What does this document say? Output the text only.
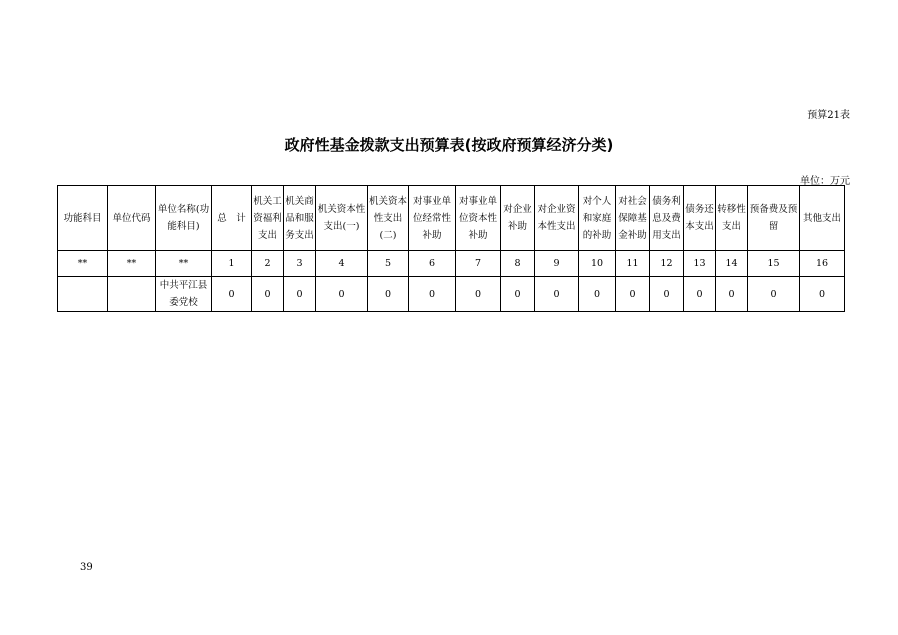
预算21表
政府性基金拨款支出预算表(按政府预算经济分类)
单位：万元
功能科目	单位代码	单位名称(功能科目)	总　计	机关工资福利支出	机关商品和服务支出	机关资本性支出(一)	机关资本性支出(二)	对事业单位经常性补助	对事业单位资本性补助	对企业补助	对企业资本性支出	对个人和家庭的补助	对社会保障基金补助	债务利息及费用支出	债务还本支出	转移性支出	预备费及预留	其他支出
**	**	**	1	2	3	4	5	6	7	8	9	10	11	12	13	14	15	16
		中共平江县委党校	0	0	0	0	0	0	0	0	0	0	0	0	0	0	0	0
39
